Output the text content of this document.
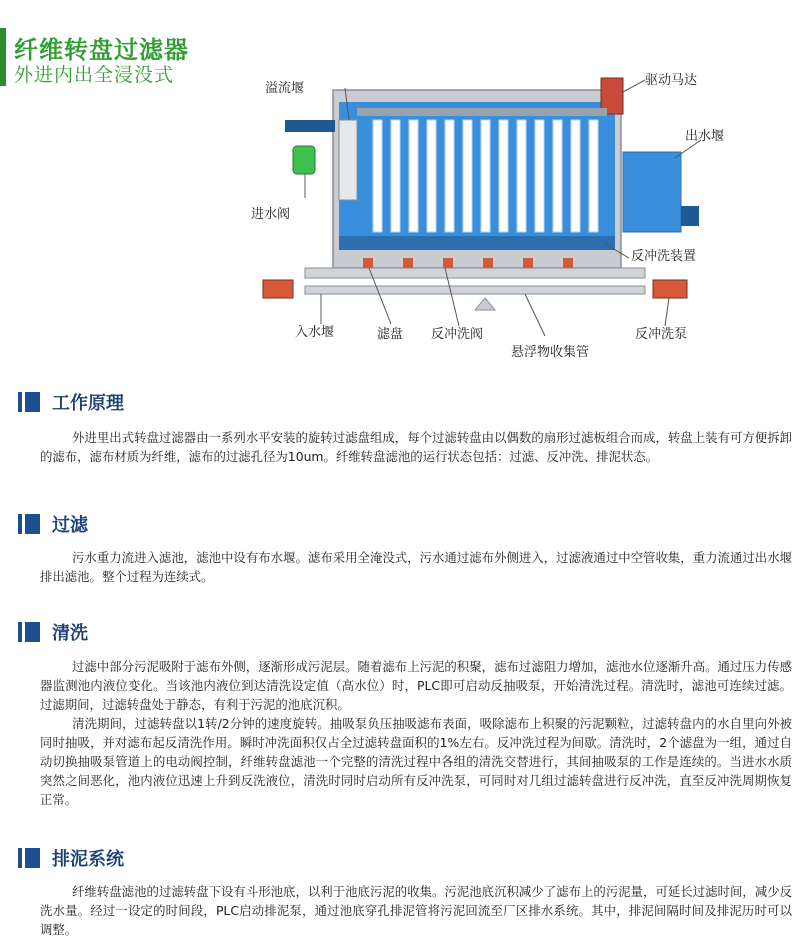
纤维转盘过滤器
外进内出全浸没式
溢流堰
驱动马达
出水堰
进水阀
反冲洗装置
入水堰	滤盘 反冲洗阀	反冲洗泵
悬浮物收集管
工作原理

外进里出式转盘过滤器由一系列水平安装的旋转过滤盘组成，每个过滤转盘由以偶数的扇形过滤板组合而成，转盘上装有可方便拆卸的滤布，滤布材质为纤维，滤布的过滤孔径为10um。纤维转盘滤池的运行状态包括：过滤、反冲洗、排泥状态。

过滤

污水重力流进入滤池，滤池中设有布水堰。滤布采用全淹没式，污水通过滤布外侧进入，过滤液通过中空管收集，重力流通过出水堰排出滤池。整个过程为连续式。

清洗

过滤中部分污泥吸附于滤布外侧，逐渐形成污泥层。随着滤布上污泥的积聚，滤布过滤阻力增加，滤池水位逐渐升高。通过压力传感器监测池内液位变化。当该池内液位到达清洗设定值（高水位）时，PLC即可启动反抽吸泵，开始清洗过程。清洗时，滤池可连续过滤。过滤期间，过滤转盘处于静态，有利于污泥的池底沉积。

清洗期间，过滤转盘以1转/2分钟的速度旋转。抽吸泵负压抽吸滤布表面，吸除滤布上积聚的污泥颗粒，过滤转盘内的水自里向外被同时抽吸，并对滤布起反清洗作用。瞬时冲洗面积仅占全过滤转盘面积的1%左右。反冲洗过程为间歇。清洗时，2个滤盘为一组，通过自动切换抽吸泵管道上的电动阀控制，纤维转盘滤池一个完整的清洗过程中各组的清洗交替进行，其间抽吸泵的工作是连续的。当进水水质突然之间恶化，池内液位迅速上升到反洗液位，清洗时同时启动所有反冲洗泵，可同时对几组过滤转盘进行反冲洗，直至反冲洗周期恢复正常。

排泥系统

纤维转盘滤池的过滤转盘下设有斗形池底，以利于池底污泥的收集。污泥池底沉积减少了滤布上的污泥量，可延长过滤时间，减少反洗水量。经过一设定的时间段，PLC启动排泥泵，通过池底穿孔排泥管将污泥回流至厂区排水系统。其中，排泥间隔时间及排泥历时可以调整。
